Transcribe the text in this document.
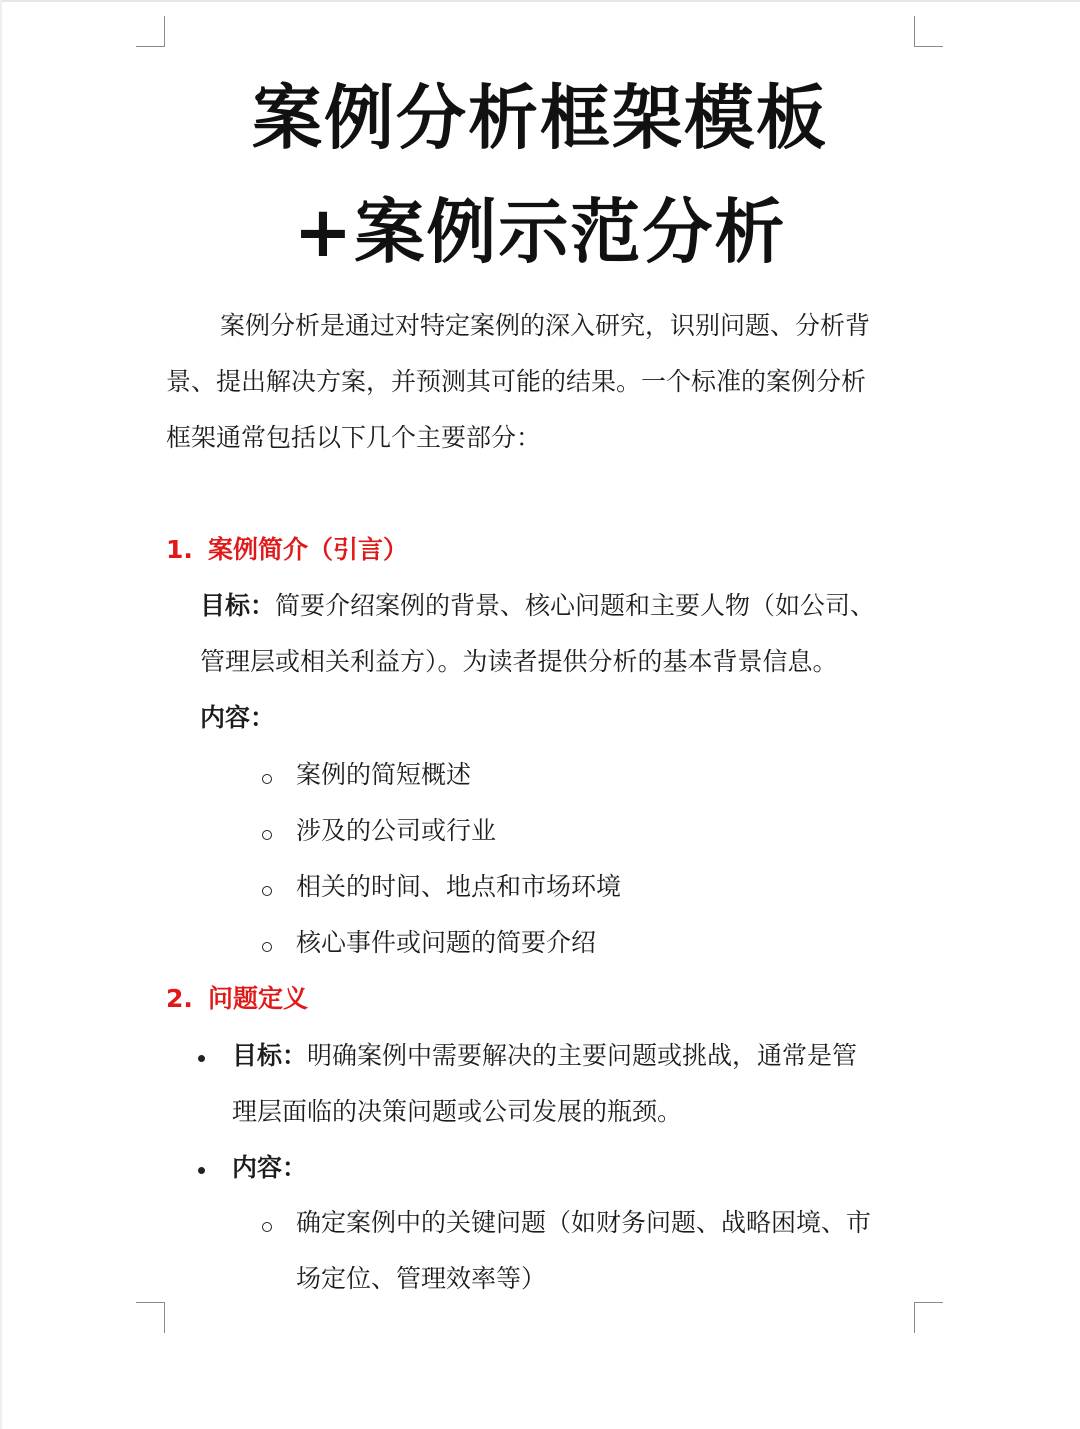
案例分析框架模板
+案例示范分析
案例分析是通过对特定案例的深入研究，识别问题、分析背
景、提出解决方案，并预测其可能的结果。一个标准的案例分析
框架通常包括以下几个主要部分：
1. 案例简介（引言）
目标：简要介绍案例的背景、核心问题和主要人物（如公司、
管理层或相关利益方）。为读者提供分析的基本背景信息。
内容：
案例的简短概述
涉及的公司或行业
相关的时间、地点和市场环境
核心事件或问题的简要介绍
2. 问题定义
目标：明确案例中需要解决的主要问题或挑战，通常是管
理层面临的决策问题或公司发展的瓶颈。
内容：
确定案例中的关键问题（如财务问题、战略困境、市
场定位、管理效率等）
